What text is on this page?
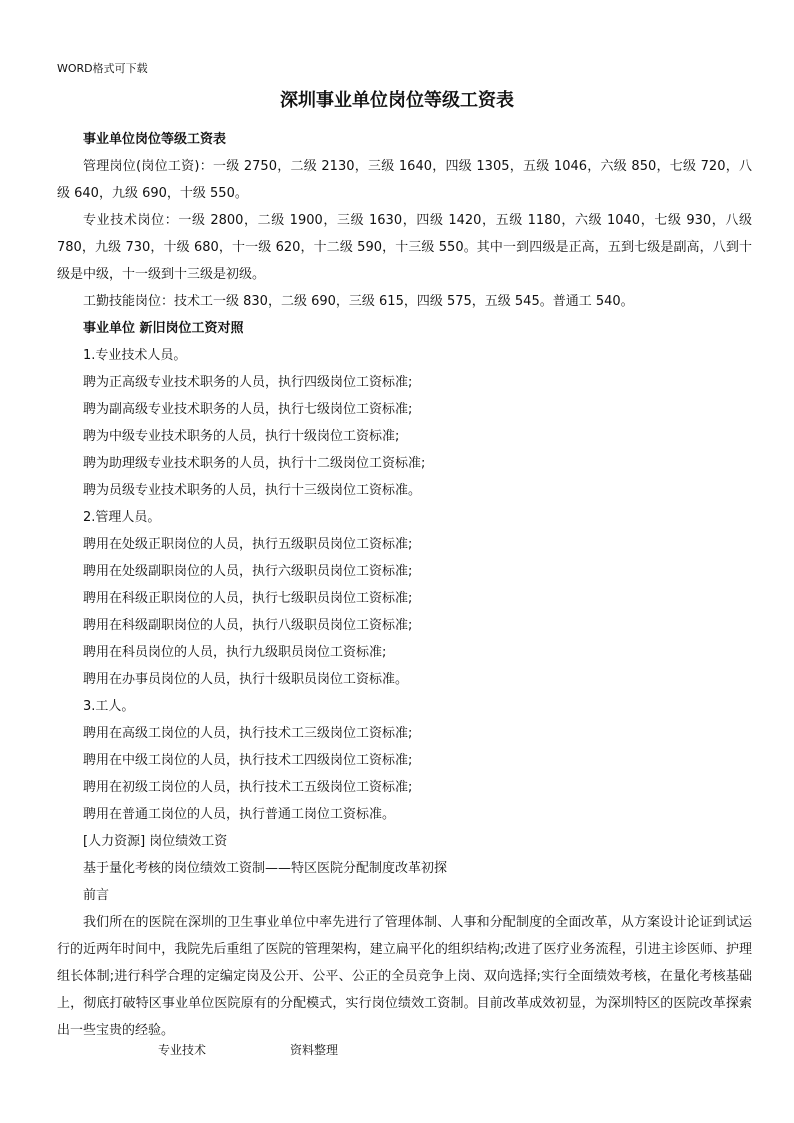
WORD格式可下载
深圳事业单位岗位等级工资表
事业单位岗位等级工资表
管理岗位(岗位工资)：一级 2750，二级 2130，三级 1640，四级 1305，五级 1046，六级 850，七级 720，八级 640，九级 690，十级 550。
专业技术岗位：一级 2800，二级 1900，三级 1630，四级 1420，五级 1180，六级 1040，七级 930，八级 780，九级 730，十级 680，十一级 620，十二级 590，十三级 550。其中一到四级是正高，五到七级是副高，八到十级是中级，十一级到十三级是初级。
工勤技能岗位：技术工一级 830，二级 690，三级 615，四级 575，五级 545。普通工 540。
事业单位 新旧岗位工资对照
1.专业技术人员。
聘为正高级专业技术职务的人员，执行四级岗位工资标准;
聘为副高级专业技术职务的人员，执行七级岗位工资标准;
聘为中级专业技术职务的人员，执行十级岗位工资标准;
聘为助理级专业技术职务的人员，执行十二级岗位工资标准;
聘为员级专业技术职务的人员，执行十三级岗位工资标准。
2.管理人员。
聘用在处级正职岗位的人员，执行五级职员岗位工资标准;
聘用在处级副职岗位的人员，执行六级职员岗位工资标准;
聘用在科级正职岗位的人员，执行七级职员岗位工资标准;
聘用在科级副职岗位的人员，执行八级职员岗位工资标准;
聘用在科员岗位的人员，执行九级职员岗位工资标准;
聘用在办事员岗位的人员，执行十级职员岗位工资标准。
3.工人。
聘用在高级工岗位的人员，执行技术工三级岗位工资标准;
聘用在中级工岗位的人员，执行技术工四级岗位工资标准;
聘用在初级工岗位的人员，执行技术工五级岗位工资标准;
聘用在普通工岗位的人员，执行普通工岗位工资标准。
[人力资源] 岗位绩效工资
基于量化考核的岗位绩效工资制——特区医院分配制度改革初探
前言
我们所在的医院在深圳的卫生事业单位中率先进行了管理体制、人事和分配制度的全面改革，从方案设计论证到试运行的近两年时间中，我院先后重组了医院的管理架构，建立扁平化的组织结构;改进了医疗业务流程，引进主诊医师、护理组长体制;进行科学合理的定编定岗及公开、公平、公正的全员竞争上岗、双向选择;实行全面绩效考核，在量化考核基础上，彻底打破特区事业单位医院原有的分配模式，实行岗位绩效工资制。目前改革成效初显，为深圳特区的医院改革探索出一些宝贵的经验。
专业技术	资料整理
